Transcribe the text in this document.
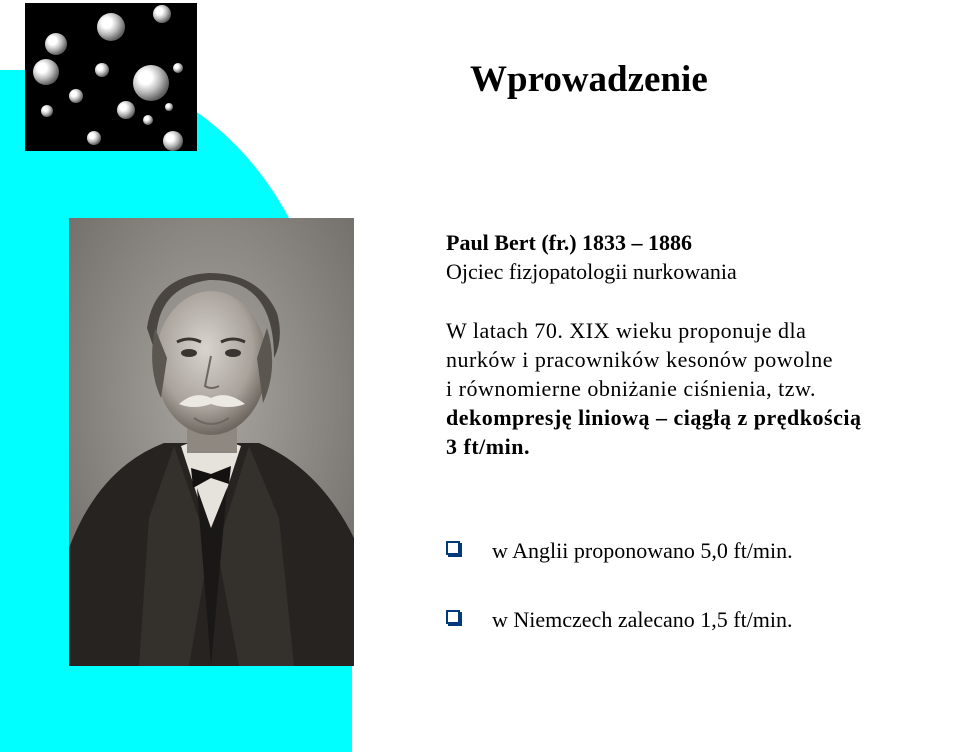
Wprowadzenie
Paul Bert (fr.) 1833 – 1886
Ojciec fizjopatologii nurkowania
W latach 70. XIX wieku proponuje dla
nurków i pracowników kesonów powolne
i równomierne obniżanie ciśnienia, tzw.
dekompresję liniową – ciągłą z prędkością
3 ft/min.
w Anglii proponowano 5,0 ft/min.
w Niemczech zalecano 1,5 ft/min.
